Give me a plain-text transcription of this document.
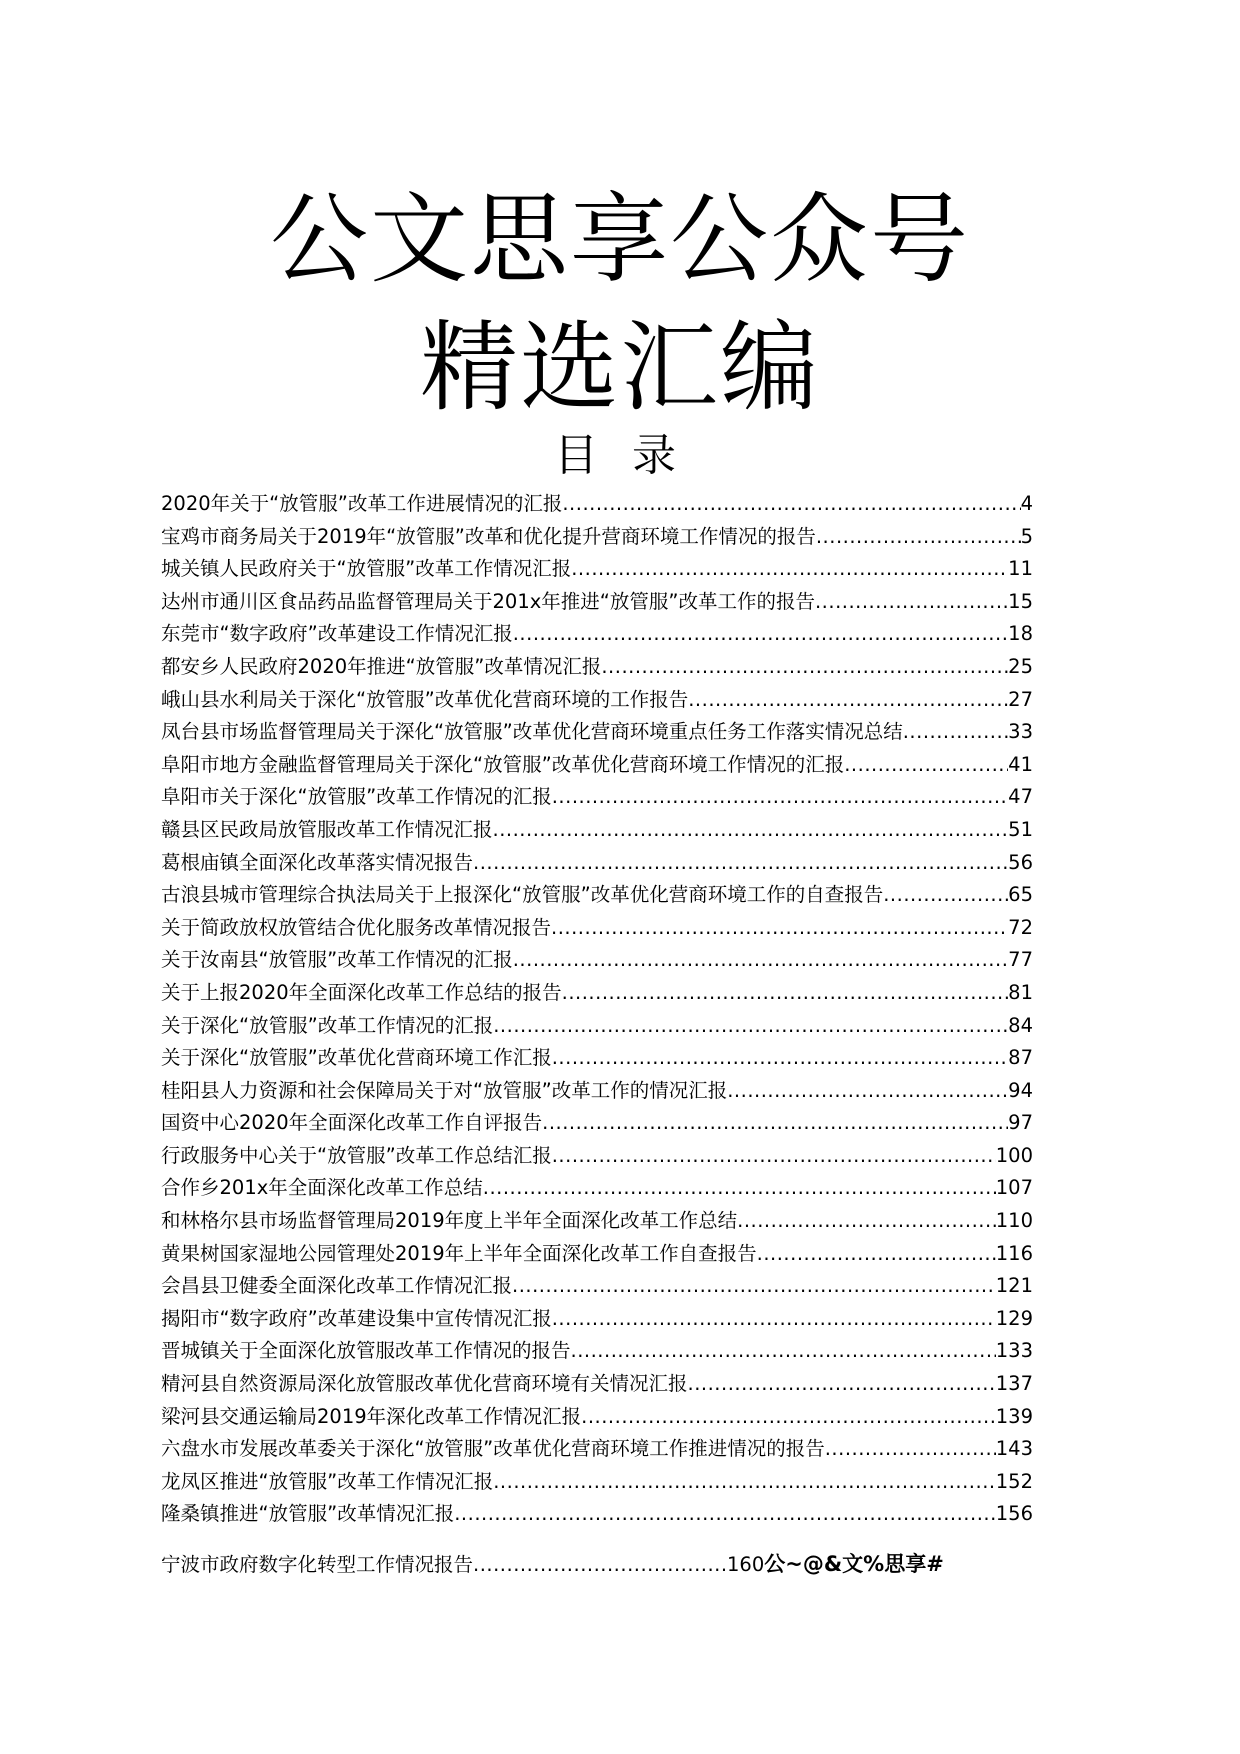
公文思享公众号
精选汇编
目 录
2020年关于“放管服”改革工作进展情况的汇报 .....	4
宝鸡市商务局关于2019年“放管服”改革和优化提升营商环境工作情况的报告 .....	5
城关镇人民政府关于“放管服”改革工作情况汇报 .....	11
达州市通川区食品药品监督管理局关于201x年推进“放管服”改革工作的报告 .....	15
东莞市“数字政府”改革建设工作情况汇报 .....	18
都安乡人民政府2020年推进“放管服”改革情况汇报 .....	25
峨山县水利局关于深化“放管服”改革优化营商环境的工作报告 .....	27
凤台县市场监督管理局关于深化“放管服”改革优化营商环境重点任务工作落实情况总结 .....	33
阜阳市地方金融监督管理局关于深化“放管服”改革优化营商环境工作情况的汇报 .....	41
阜阳市关于深化“放管服”改革工作情况的汇报 .....	47
赣县区民政局放管服改革工作情况汇报 .....	51
葛根庙镇全面深化改革落实情况报告 .....	56
古浪县城市管理综合执法局关于上报深化“放管服”改革优化营商环境工作的自查报告 .....	65
关于简政放权放管结合优化服务改革情况报告 .....	72
关于汝南县“放管服”改革工作情况的汇报 .....	77
关于上报2020年全面深化改革工作总结的报告 .....	81
关于深化“放管服”改革工作情况的汇报 .....	84
关于深化“放管服”改革优化营商环境工作汇报 .....	87
桂阳县人力资源和社会保障局关于对“放管服”改革工作的情况汇报 .....	94
国资中心2020年全面深化改革工作自评报告 .....	97
行政服务中心关于“放管服”改革工作总结汇报 .....	100
合作乡201x年全面深化改革工作总结 .....	107
和林格尔县市场监督管理局2019年度上半年全面深化改革工作总结 .....	110
黄果树国家湿地公园管理处2019年上半年全面深化改革工作自查报告 .....	116
会昌县卫健委全面深化改革工作情况汇报 .....	121
揭阳市“数字政府”改革建设集中宣传情况汇报 .....	129
晋城镇关于全面深化放管服改革工作情况的报告 .....	133
精河县自然资源局深化放管服改革优化营商环境有关情况汇报 .....	137
梁河县交通运输局2019年深化改革工作情况汇报 .....	139
六盘水市发展改革委关于深化“放管服”改革优化营商环境工作推进情况的报告 .....	143
龙凤区推进“放管服”改革工作情况汇报 .....	152
隆桑镇推进“放管服”改革情况汇报 .....	156
宁波市政府数字化转型工作情况报告 .....	160 公~@&文%思享#
